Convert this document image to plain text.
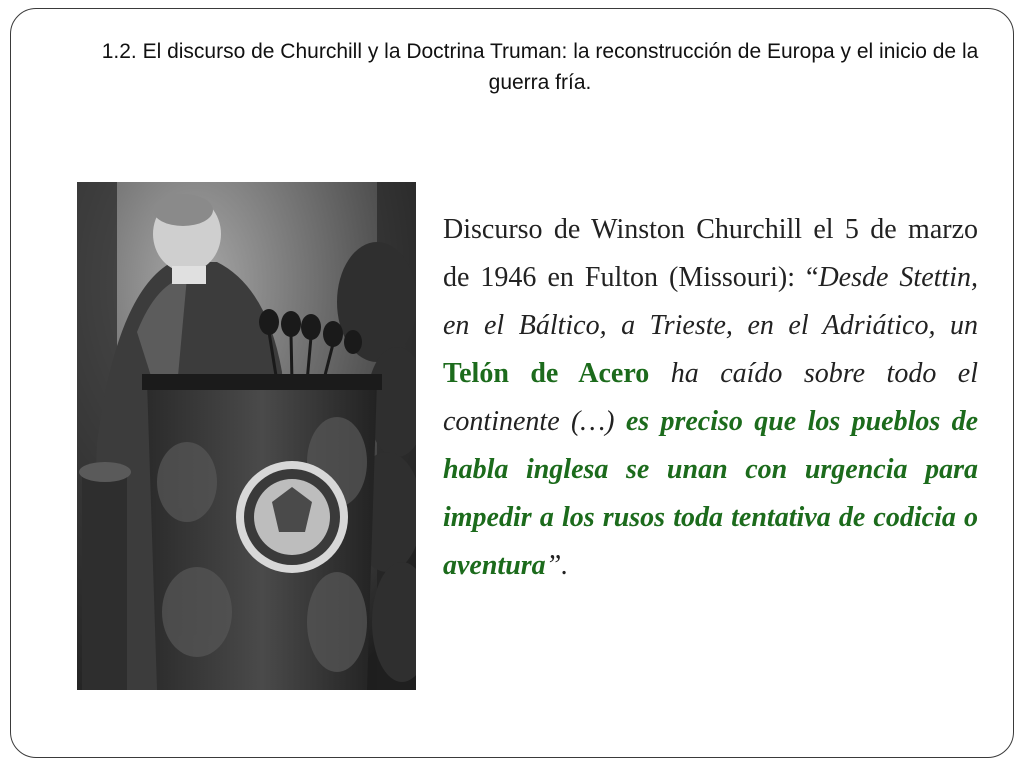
1.2. El discurso de Churchill y la Doctrina Truman: la reconstrucción de Europa y el inicio de la guerra fría.

Discurso de Winston Churchill el 5 de marzo de 1946 en Fulton (Missouri): “Desde Stettin, en el Báltico, a Trieste, en el Adriático, un Telón de Acero ha caído sobre todo el continente (…) es preciso que los pueblos de habla inglesa se unan con urgencia para impedir a los rusos toda tentativa de codicia o aventura”.
